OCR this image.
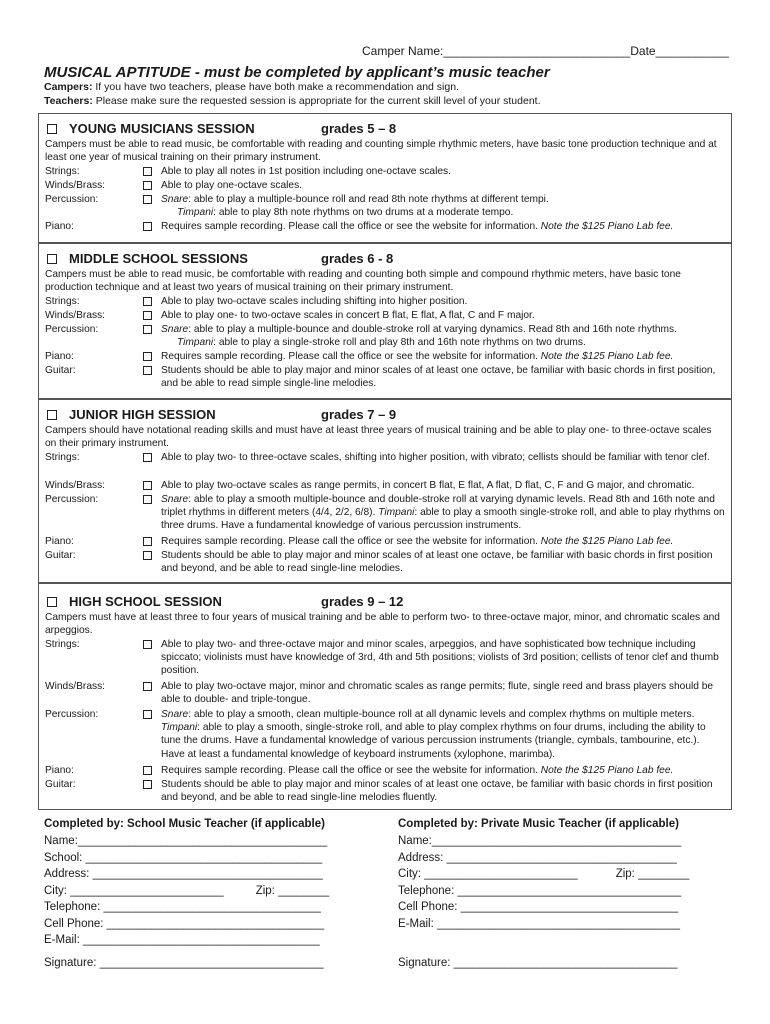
Camper Name:____________________________Date___________
MUSICAL APTITUDE - must be completed by applicant’s music teacher
Campers: If you have two teachers, please have both make a recommendation and sign.
Teachers: Please make sure the requested session is appropriate for the current skill level of your student.
YOUNG MUSICIANS SESSION	grades 5 – 8
Campers must be able to read music, be comfortable with reading and counting simple rhythmic meters, have basic tone production technique and at least one year of musical training on their primary instrument.
Strings:	Able to play all notes in 1st position including one-octave scales.
Winds/Brass:	Able to play one-octave scales.
Percussion:	Snare: able to play a multiple-bounce roll and read 8th note rhythms at different tempi.
Timpani: able to play 8th note rhythms on two drums at a moderate tempo.
Piano:	Requires sample recording. Please call the office or see the website for information. Note the $125 Piano Lab fee.
MIDDLE SCHOOL SESSIONS	grades 6 - 8
Campers must be able to read music, be comfortable with reading and counting both simple and compound rhythmic meters, have basic tone production technique and at least two years of musical training on their primary instrument.
Strings:	Able to play two-octave scales including shifting into higher position.
Winds/Brass:	Able to play one- to two-octave scales in concert B flat, E flat, A flat, C and F major.
Percussion:	Snare: able to play a multiple-bounce and double-stroke roll at varying dynamics. Read 8th and 16th note rhythms.
Timpani: able to play a single-stroke roll and play 8th and 16th note rhythms on two drums.
Piano:	Requires sample recording. Please call the office or see the website for information. Note the $125 Piano Lab fee.
Guitar:	Students should be able to play major and minor scales of at least one octave, be familiar with basic chords in first position, and be able to read simple single-line melodies.
JUNIOR HIGH SESSION	grades 7 – 9
Campers should have notational reading skills and must have at least three years of musical training and be able to play one- to three-octave scales on their primary instrument.
Strings:	Able to play two- to three-octave scales, shifting into higher position, with vibrato; cellists should be familiar with tenor clef.
Winds/Brass:	Able to play two-octave scales as range permits, in concert B flat, E flat, A flat, D flat, C, F and G major, and chromatic.
Percussion:	Snare: able to play a smooth multiple-bounce and double-stroke roll at varying dynamic levels. Read 8th and 16th note and triplet rhythms in different meters (4/4, 2/2, 6/8). Timpani: able to play a smooth single-stroke roll, and able to play rhythms on three drums. Have a fundamental knowledge of various percussion instruments.
Piano:	Requires sample recording. Please call the office or see the website for information. Note the $125 Piano Lab fee.
Guitar:	Students should be able to play major and minor scales of at least one octave, be familiar with basic chords in first position and beyond, and be able to read single-line melodies.
HIGH SCHOOL SESSION	grades 9 – 12
Campers must have at least three to four years of musical training and be able to perform two- to three-octave major, minor, and chromatic scales and arpeggios.
Strings:	Able to play two- and three-octave major and minor scales, arpeggios, and have sophisticated bow technique including spiccato; violinists must have knowledge of 3rd, 4th and 5th positions; violists of 3rd position; cellists of tenor clef and thumb position.
Winds/Brass:	Able to play two-octave major, minor and chromatic scales as range permits; flute, single reed and brass players should be able to double- and triple-tongue.
Percussion:	Snare: able to play a smooth, clean multiple-bounce roll at all dynamic levels and complex rhythms on multiple meters. Timpani: able to play a smooth, single-stroke roll, and able to play complex rhythms on four drums, including the ability to tune the drums. Have a fundamental knowledge of various percussion instruments (triangle, cymbals, tambourine, etc.). Have at least a fundamental knowledge of keyboard instruments (xylophone, marimba).
Piano:	Requires sample recording. Please call the office or see the website for information. Note the $125 Piano Lab fee.
Guitar:	Students should be able to play major and minor scales of at least one octave, be familiar with basic chords in first position and beyond, and be able to read single-line melodies fluently.
Completed by: School Music Teacher (if applicable)
Name:_______________________________________
School: _____________________________________
Address: ____________________________________
City: ________________________	Zip: ________
Telephone: __________________________________
Cell Phone: __________________________________
E-Mail: _____________________________________
Signature: ___________________________________
Completed by: Private Music Teacher (if applicable)
Name:_______________________________________
Address: ____________________________________
City: ________________________	Zip: ________
Telephone: ___________________________________
Cell Phone: __________________________________
E-Mail: ______________________________________
Signature: ___________________________________
